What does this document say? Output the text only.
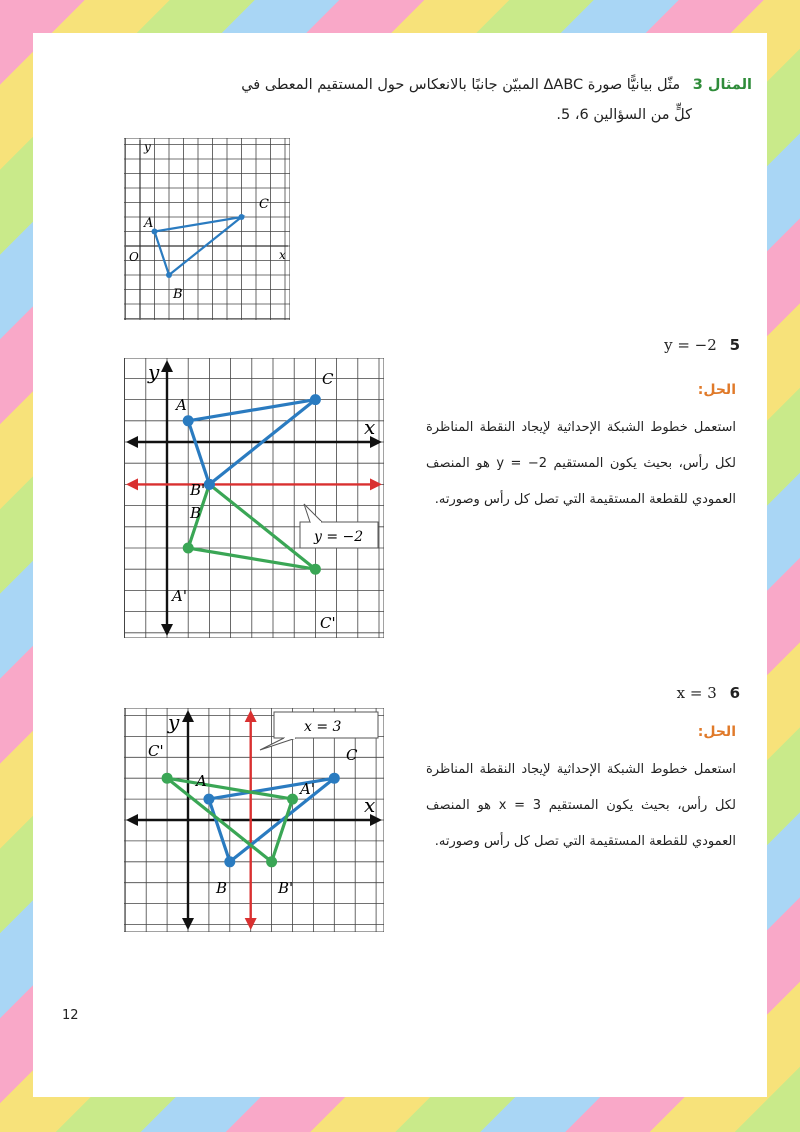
المثال 3 مثّل بيانيًّا صورة ΔABC المبيّن جانبًا بالانعكاس حول المستقيم المعطى في
كلٍّ من السؤالين 6، 5.
A
B
C
O	x
y
y = −2 5
الحل:
استعمل خطوط الشبكة الإحداثية لإيجاد النقطة المناظرة لكل رأس، بحيث يكون المستقيم y = −2 هو المنصف العمودي للقطعة المستقيمة التي تصل كل رأس وصورته.
y = −2
A
B
C
A'
B'
C'
x
y
x = 3 6
الحل:
استعمل خطوط الشبكة الإحداثية لإيجاد النقطة المناظرة لكل رأس، بحيث يكون المستقيم x = 3 هو المنصف العمودي للقطعة المستقيمة التي تصل كل رأس وصورته.
x = 3
A
B
C
A'
B'
C'
x
y
12
